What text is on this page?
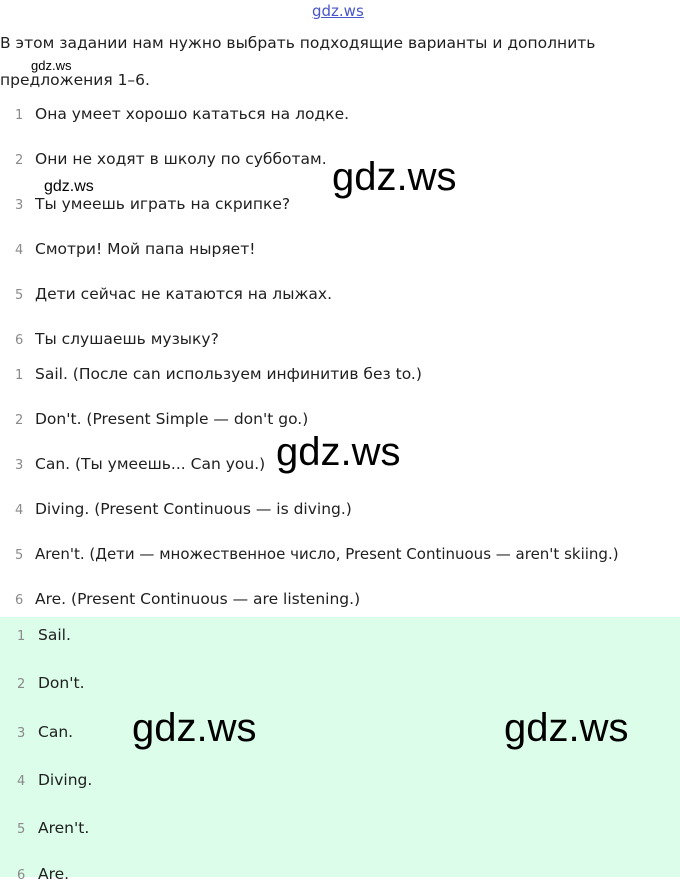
gdz.ws
В этом задании нам нужно выбрать подходящие варианты и дополнить
предложения 1–6.
gdz.ws
1 Она умеет хорошо кататься на лодке.
2 Они не ходят в школу по субботам.
3 Ты умеешь играть на скрипке?
4 Смотри! Мой папа ныряет!
5 Дети сейчас не катаются на лыжах.
6 Ты слушаешь музыку?
1 Sail. (После can используем инфинитив без to.)
2 Don't. (Present Simple — don't go.)
3 Can. (Ты умеешь... Can you.)
4 Diving. (Present Continuous — is diving.)
5 Aren't. (Дети — множественное число, Present Continuous — aren't skiing.)
6 Are. (Present Continuous — are listening.)
1 Sail.
2 Don't.
3 Can.
4 Diving.
5 Aren't.
6 Are.
gdz.ws	gdz.ws
gdz.ws
gdz.ws	gdz.ws
